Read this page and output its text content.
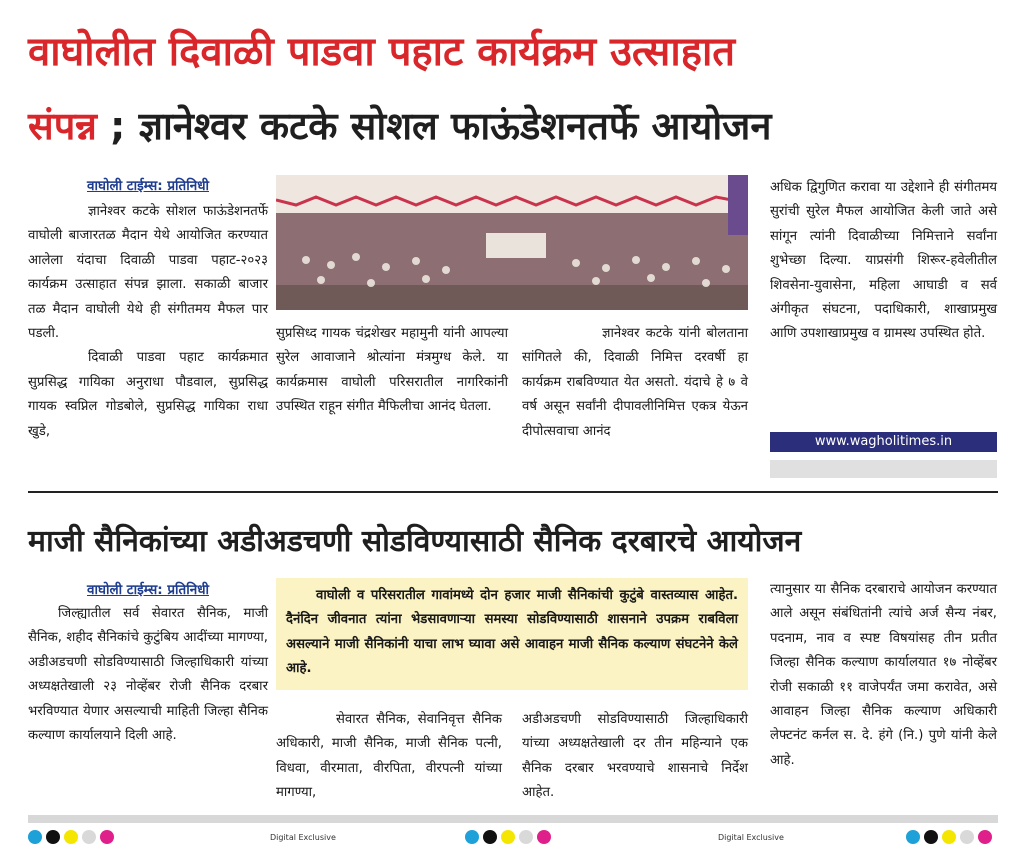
वाघोलीत दिवाळी पाडवा पहाट कार्यक्रम उत्साहात
संपन्न ; ज्ञानेश्वर कटके सोशल फाऊंडेशनतर्फे आयोजन
वाघोली टाईम्स: प्रतिनिधी
ज्ञानेश्वर कटके सोशल फाऊंडेशनतर्फे वाघोली बाजारतळ मैदान येथे आयोजित करण्यात आलेला यंदाचा दिवाळी पाडवा पहाट-२०२३ कार्यक्रम उत्साहात संपन्न झाला. सकाळी बाजार तळ मैदान वाघोली येथे ही संगीतमय मैफल पार पडली.
दिवाळी पाडवा पहाट कार्यक्रमात सुप्रसिद्ध गायिका अनुराधा पौडवाल, सुप्रसिद्ध गायक स्वप्निल गोडबोले, सुप्रसिद्ध गायिका राधा खुडे,
सुप्रसिध्द गायक चंद्रशेखर महामुनी यांनी आपल्या सुरेल आवाजाने श्रोत्यांना मंत्रमुग्ध केले. या कार्यक्रमास वाघोली परिसरातील नागरिकांनी उपस्थित राहून संगीत मैफिलीचा आनंद घेतला.
ज्ञानेश्वर कटके यांनी बोलताना सांगितले की, दिवाळी निमित्त दरवर्षी हा कार्यक्रम राबविण्यात येत असतो. यंदाचे हे ७ वे वर्ष असून सर्वांनी दीपावलीनिमित्त एकत्र येऊन दीपोत्सवाचा आनंद
अधिक द्विगुणित करावा या उद्देशाने ही संगीतमय सुरांची सुरेल मैफल आयोजित केली जाते असे सांगून त्यांनी दिवाळीच्या निमित्ताने सर्वांना शुभेच्छा दिल्या. याप्रसंगी शिरूर-हवेलीतील शिवसेना-युवासेना, महिला आघाडी व सर्व अंगीकृत संघटना, पदाधिकारी, शाखाप्रमुख आणि उपशाखाप्रमुख व ग्रामस्थ उपस्थित होते.
www.wagholitimes.in
माजी सैनिकांच्या अडीअडचणी सोडविण्यासाठी सैनिक दरबारचे आयोजन
वाघोली टाईम्स: प्रतिनिधी
जिल्ह्यातील सर्व सेवारत सैनिक, माजी सैनिक, शहीद सैनिकांचे कुटुंबिय आदींच्या मागण्या, अडीअडचणी सोडविण्यासाठी जिल्हाधिकारी यांच्या अध्यक्षतेखाली २३ नोव्हेंबर रोजी सैनिक दरबार भरविण्यात येणार असल्याची माहिती जिल्हा सैनिक कल्याण कार्यालयाने दिली आहे.
वाघोली व परिसरातील गावांमध्ये दोन हजार माजी सैनिकांची कुटुंबे वास्तव्यास आहेत. दैनंदिन जीवनात त्यांना भेडसावणाऱ्या समस्या सोडविण्यासाठी शासनाने उपक्रम राबविला असल्याने माजी सैनिकांनी याचा लाभ घ्यावा असे आवाहन माजी सैनिक कल्याण संघटनेने केले आहे.
सेवारत सैनिक, सेवानिवृत्त सैनिक अधिकारी, माजी सैनिक, माजी सैनिक पत्नी, विधवा, वीरमाता, वीरपिता, वीरपत्नी यांच्या मागण्या,
अडीअडचणी सोडविण्यासाठी जिल्हाधिकारी यांच्या अध्यक्षतेखाली दर तीन महिन्याने एक सैनिक दरबार भरवण्याचे शासनाचे निर्देश आहेत.
त्यानुसार या सैनिक दरबाराचे आयोजन करण्यात आले असून संबंधितांनी त्यांचे अर्ज सैन्य नंबर, पदनाम, नाव व स्पष्ट विषयांसह तीन प्रतीत जिल्हा सैनिक कल्याण कार्यालयात १७ नोव्हेंबर रोजी सकाळी ११ वाजेपर्यंत जमा करावेत, असे आवाहन जिल्हा सैनिक कल्याण अधिकारी लेफ्टनंट कर्नल स. दे. हंगे (नि.) पुणे यांनी केले आहे.
Digital Exclusive	Digital Exclusive
